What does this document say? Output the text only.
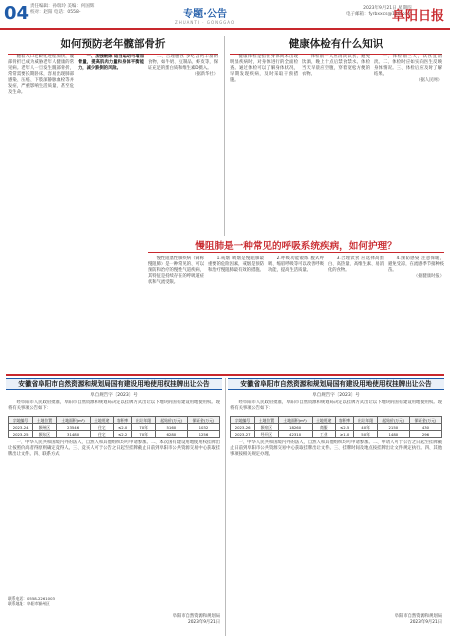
04 责任编辑：孙瑞玲 美编：何国辉
校对：赵阳 电话：0558-	专题·公告
ZHUANTI · GONGGAO
2023年9月21日 星期四
电子邮箱：fyrbxxcs@126.com
阜阳日报
如何预防老年髋部骨折

随着人口老龄化进程加快，髋部骨折已成为威胁老年人健康的常见病。老年人一旦发生髋部骨折，常常需要长期卧床，容易出现肺部感染、压疮、下肢深静脉血栓等并发症，严重影响生活质量，甚至危及生命。

一、加强锻炼 适当运动可增加骨量，提高肌肉力量和身体平衡能力，减少跌倒的风险。

二、合理膳食 多吃含钙丰富的食物，如牛奶、豆制品、虾皮等，保证充足的蛋白质和维生素D摄入。

（据新华社）
健康体检有什么知识

健康体检是指在身体尚未出现明显疾病时，对身体进行的全面检查。通过体检可以了解身体状况，早期发现疾病，及时采取干预措施。

体检前一天应清淡饮食，避免饮酒，晚上十点后禁食禁水。体检当天早晨应空腹，穿着宽松方便的衣物。

一、体检前三天，饮食宜清淡。二、体检时应如实向医生反映身体情况。三、体检后应及时了解结果。

（据人民网）
慢阻肺是一种常见的呼吸系统疾病，如何护理？

慢性阻塞性肺疾病（简称慢阻肺）是一种常见的、可以预防和治疗的慢性气道疾病，其特征是持续存在的呼吸道症状和气流受限。

1.戒烟 吸烟是慢阻肺最重要的危险因素，戒烟是预防和治疗慢阻肺最有效的措施。

2.呼吸功能锻炼 腹式呼吸、缩唇呼吸等可以改善呼吸功能，提高生活质量。

3.合理饮食 应选择高蛋白、高热量、高维生素、易消化的食物。

4.预防感染 注意保暖，避免受凉，在流感季节接种疫苗。

（据健康时报）
安徽省阜阳市自然资源和规划局国有建设用地使用权挂牌出让公告
阜自规告字〔2023〕号

经阜阳市人民政府批准，阜阳市自然资源和规划局决定以挂牌方式出让以下地块的国有建设用地使用权。现将有关事项公告如下：

宗地编号	土地位置	土地面积(m²)	土地用途	容积率	出让年限	起始价(万元)	保证金(万元)
2023-24	颍州区	23546	住宅	≤2.0	70年	5160	1032
2023-25	颍东区	31480	住宅	≤2.2	70年	6280	1256

一、中华人民共和国境内外的法人、自然人和其他组织均可申请参加。二、本次国有建设用地使用权挂牌出让按照价高者得原则确定竞得人。三、竞买人可于公告之日起至挂牌截止日前到阜阳市公共资源交易中心获取挂牌出让文件。四、联系方式

联系电话：0558-2261003
联系地址：阜阳市颍州区
阜阳市自然资源和规划局
2023年9月21日
安徽省阜阳市自然资源和规划局国有建设用地使用权挂牌出让公告
阜自规告字〔2023〕号

经阜阳市人民政府批准，阜阳市自然资源和规划局决定以挂牌方式出让以下地块的国有建设用地使用权。现将有关事项公告如下：

宗地编号	土地位置	土地面积(m²)	土地用途	容积率	出让年限	起始价(万元)	保证金(万元)
2023-26	颍泉区	18260	商服	≤2.5	40年	2150	430
2023-27	经开区	42310	工业	≥1.0	50年	1480	296

一、中华人民共和国境内外的法人、自然人和其他组织均可申请参加。二、申请人可于公告之日起至挂牌截止日前到阜阳市公共资源交易中心获取挂牌出让文件。三、挂牌时间及地点按挂牌出让文件规定执行。四、其他事项按相关规定办理。

阜阳市自然资源和规划局
2023年9月21日
